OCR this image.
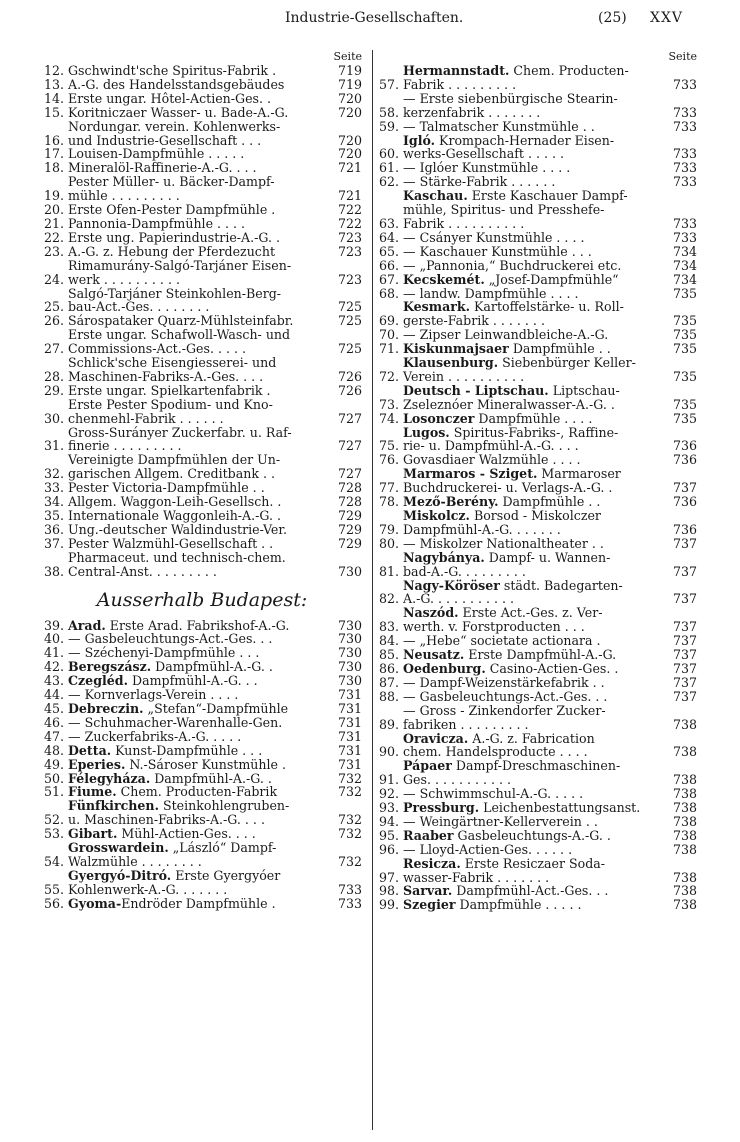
Industrie-Gesellschaften.	(25) XXV
Seite
12. Gschwindt'sche Spiritus-Fabrik .	719
13. A.-G. des Handelsstandsgebäudes	719
14. Erste ungar. Hôtel-Actien-Ges. .	720
15. Koritniczaer Wasser- u. Bade-A.-G.	720
16.
Nordungar. verein. Kohlenwerks-
und Industrie-Gesellschaft . . .	720
17. Louisen-Dampfmühle . . . . .	720
18. Mineralöl-Raffinerie-A.-G. . . .	721
19.
Pester Müller- u. Bäcker-Dampf-
mühle . . . . . . . . .	721
20. Erste Ofen-Pester Dampfmühle .	722
21. Pannonia-Dampfmühle . . . .	722
22. Erste ung. Papierindustrie-A.-G. .	723
23. A.-G. z. Hebung der Pferdezucht	723
24.
Rimamurány-Salgó-Tarjáner Eisen-
werk . . . . . . . . . .	723
25.
Salgó-Tarjáner Steinkohlen-Berg-
bau-Act.-Ges. . . . . . . .	725
26. Sárospataker Quarz-Mühlsteinfabr.	725
27.
Erste ungar. Schafwoll-Wasch- und
Commissions-Act.-Ges. . . . .	725
28.
Schlick'sche Eisengiesserei- und
Maschinen-Fabriks-A.-Ges. . . .	726
29. Erste ungar. Spielkartenfabrik .	726
30.
Erste Pester Spodium- und Kno-
chenmehl-Fabrik . . . . . .	727
31.
Gross-Surányer Zuckerfabr. u. Raf-
finerie . . . . . . . . .	727
32.
Vereinigte Dampfmühlen der Un-
garischen Allgem. Creditbank . .	727
33. Pester Victoria-Dampfmühle . .	728
34. Allgem. Waggon-Leih-Gesellsch. .	728
35. Internationale Waggonleih-A.-G. .	729
36. Ung.-deutscher Waldindustrie-Ver.	729
37. Pester Walzmühl-Gesellschaft . .	729
38.
Pharmaceut. und technisch-chem.
Central-Anst. . . . . . . . .	730
Ausserhalb Budapest:
39. Arad. Erste Arad. Fabrikshof-A.-G.	730
40. — Gasbeleuchtungs-Act.-Ges. . .	730
41. — Széchenyi-Dampfmühle . . .	730
42. Beregszász. Dampfmühl-A.-G. .	730
43. Czegléd. Dampfmühl-A.-G. . .	730
44. — Kornverlags-Verein . . . .	731
45. Debreczin. „Stefan“-Dampfmühle	731
46. — Schuhmacher-Warenhalle-Gen.	731
47. — Zuckerfabriks-A.-G. . . . .	731
48. Detta. Kunst-Dampfmühle . . .	731
49. Eperies. N.-Sároser Kunstmühle .	731
50. Félegyháza. Dampfmühl-A.-G. .	732
51. Fiume. Chem. Producten-Fabrik	732
52.
Fünfkirchen. Steinkohlengruben-
u. Maschinen-Fabriks-A.-G. . . .	732
53. Gibart. Mühl-Actien-Ges. . . .	732
54.
Grosswardein. „László“ Dampf-
Walzmühle . . . . . . . .	732
55.
Gyergyó-Ditró. Erste Gyergyóer
Kohlenwerk-A.-G. . . . . . .	733
56. Gyoma-Endröder Dampfmühle .	733
Seite
57.
Hermannstadt. Chem. Producten-
Fabrik . . . . . . . . .	733
58.
— Erste siebenbürgische Stearin-
kerzenfabrik . . . . . . .	733
59. — Talmatscher Kunstmühle . .	733
60.
Igló. Krompach-Hernader Eisen-
werks-Gesellschaft . . . . .	733
61. — Iglóer Kunstmühle . . . .	733
62. — Stärke-Fabrik . . . . . .	733
63.
Kaschau. Erste Kaschauer Dampf-
mühle, Spiritus- und Presshefe-
Fabrik . . . . . . . . . .	733
64. — Csányer Kunstmühle . . . .	733
65. — Kaschauer Kunstmühle . . .	734
66. — „Pannonia,“ Buchdruckerei etc.	734
67. Kecskemét. „Josef-Dampfmühle“	734
68. — landw. Dampfmühle . . . .	735
69.
Kesmark. Kartoffelstärke- u. Roll-
gerste-Fabrik . . . . . . .	735
70. — Zipser Leinwandbleiche-A.-G.	735
71. Kiskunmajsaer Dampfmühle . .	735
72.
Klausenburg. Siebenbürger Keller-
Verein . . . . . . . . . .	735
73.
Deutsch - Liptschau. Liptschau-
Zseleznóer Mineralwasser-A.-G. .	735
74. Losonczer Dampfmühle . . . .	735
75.
Lugos. Spiritus-Fabriks-, Raffine-
rie- u. Dampfmühl-A.-G. . . .	736
76. Govasdiaer Walzmühle . . . .	736
77.
Marmaros - Sziget. Marmaroser
Buchdruckerei- u. Verlags-A.-G. .	737
78. Mező-Berény. Dampfmühle . .	736
79.
Miskolcz. Borsod - Miskolczer
Dampfmühl-A.-G. . . . . . .	736
80. — Miskolzer Nationaltheater . .	737
81.
Nagybánya. Dampf- u. Wannen-
bad-A.-G. . . . . . . . .	737
82.
Nagy-Köröser städt. Badegarten-
A.-G. . . . . . . . . . .	737
83.
Naszód. Erste Act.-Ges. z. Ver-
werth. v. Forstproducten . . .	737
84. — „Hebe“ societate actionara .	737
85. Neusatz. Erste Dampfmühl-A.-G.	737
86. Oedenburg. Casino-Actien-Ges. .	737
87. — Dampf-Weizenstärkefabrik . .	737
88. — Gasbeleuchtungs-Act.-Ges. . .	737
89.
— Gross - Zinkendorfer Zucker-
fabriken . . . . . . . . .	738
90.
Oravicza. A.-G. z. Fabrication
chem. Handelsproducte . . . .	738
91.
Pápaer Dampf-Dreschmaschinen-
Ges. . . . . . . . . . .	738
92. — Schwimmschul-A.-G. . . . .	738
93. Pressburg. Leichenbestattungsanst.	738
94. — Weingärtner-Kellerverein . .	738
95. Raaber Gasbeleuchtungs-A.-G. .	738
96. — Lloyd-Actien-Ges. . . . . .	738
97.
Resicza. Erste Resiczaer Soda-
wasser-Fabrik . . . . . . .	738
98. Sarvar. Dampfmühl-Act.-Ges. . .	738
99. Szegier Dampfmühle . . . . .	738
